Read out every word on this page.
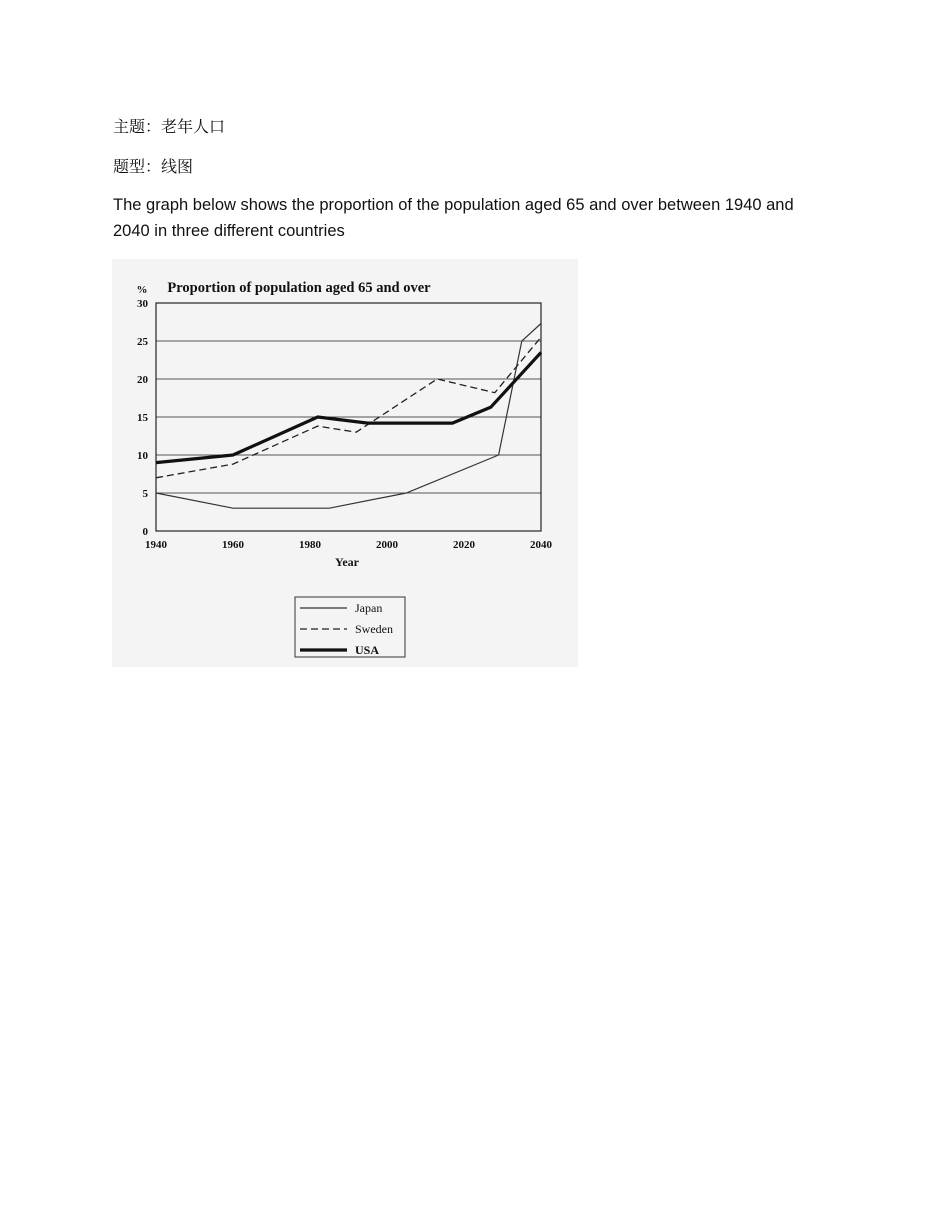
主题：老年人口
题型：线图
The graph below shows the proportion of the population aged 65 and over between 1940 and 2040 in three different countries
Proportion of population aged 65 and over
%
Year
0
5
10
15
20
25
30
1940	1960	1980	2000	2020	2040
Japan
Sweden
USA
